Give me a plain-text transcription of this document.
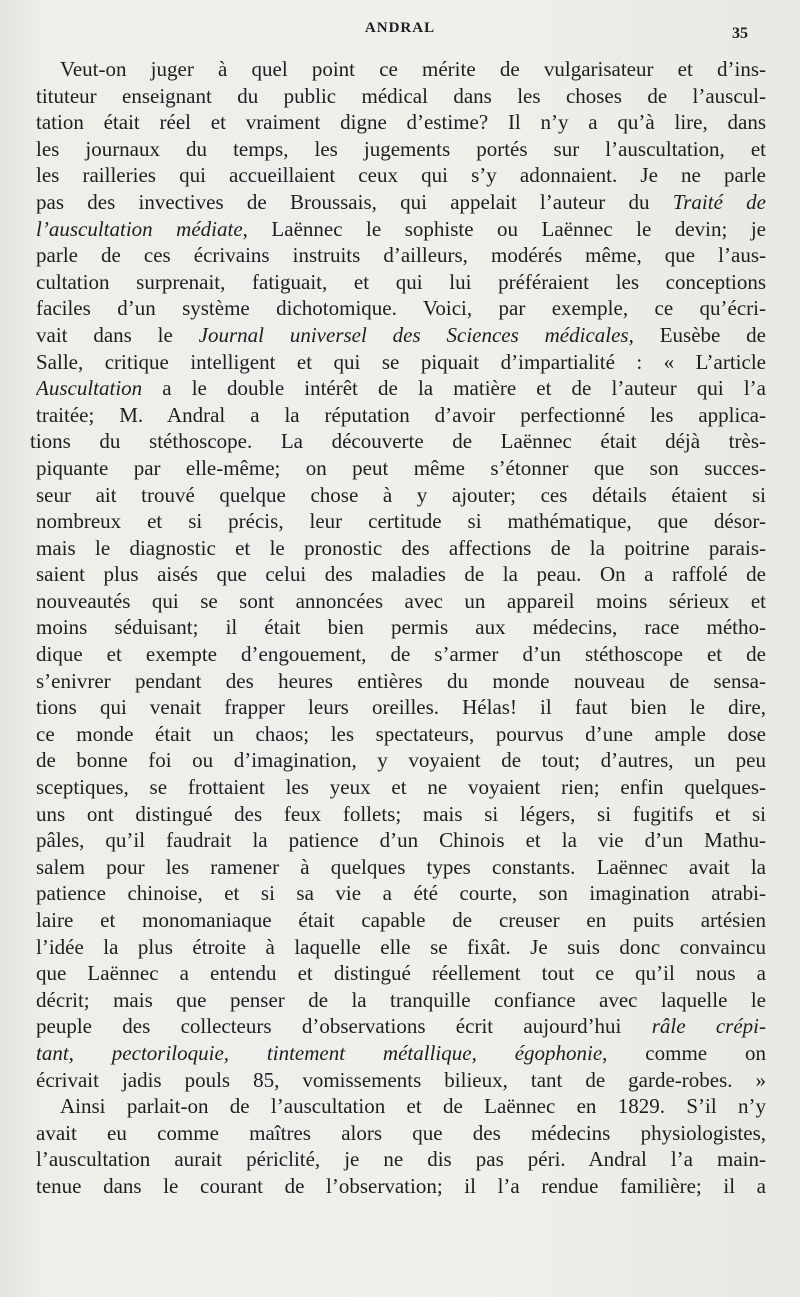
ANDRAL	35
Veut-on juger à quel point ce mérite de vulgarisateur et d’ins-
tituteur enseignant du public médical dans les choses de l’auscul-
tation était réel et vraiment digne d’estime? Il n’y a qu’à lire, dans
les journaux du temps, les jugements portés sur l’auscultation, et
les railleries qui accueillaient ceux qui s’y adonnaient. Je ne parle
pas des invectives de Broussais, qui appelait l’auteur du Traité de
l’auscultation médiate, Laënnec le sophiste ou Laënnec le devin; je
parle de ces écrivains instruits d’ailleurs, modérés même, que l’aus-
cultation surprenait, fatiguait, et qui lui préféraient les conceptions
faciles d’un système dichotomique. Voici, par exemple, ce qu’écri-
vait dans le Journal universel des Sciences médicales, Eusèbe de
Salle, critique intelligent et qui se piquait d’impartialité : « L’article
Auscultation a le double intérêt de la matière et de l’auteur qui l’a
traitée; M. Andral a la réputation d’avoir perfectionné les applica-
tions du stéthoscope. La découverte de Laënnec était déjà très-
piquante par elle-même; on peut même s’étonner que son succes-
seur ait trouvé quelque chose à y ajouter; ces détails étaient si
nombreux et si précis, leur certitude si mathématique, que désor-
mais le diagnostic et le pronostic des affections de la poitrine parais-
saient plus aisés que celui des maladies de la peau. On a raffolé de
nouveautés qui se sont annoncées avec un appareil moins sérieux et
moins séduisant; il était bien permis aux médecins, race métho-
dique et exempte d’engouement, de s’armer d’un stéthoscope et de
s’enivrer pendant des heures entières du monde nouveau de sensa-
tions qui venait frapper leurs oreilles. Hélas! il faut bien le dire,
ce monde était un chaos; les spectateurs, pourvus d’une ample dose
de bonne foi ou d’imagination, y voyaient de tout; d’autres, un peu
sceptiques, se frottaient les yeux et ne voyaient rien; enfin quelques-
uns ont distingué des feux follets; mais si légers, si fugitifs et si
pâles, qu’il faudrait la patience d’un Chinois et la vie d’un Mathu-
salem pour les ramener à quelques types constants. Laënnec avait la
patience chinoise, et si sa vie a été courte, son imagination atrabi-
laire et monomaniaque était capable de creuser en puits artésien
l’idée la plus étroite à laquelle elle se fixât. Je suis donc convaincu
que Laënnec a entendu et distingué réellement tout ce qu’il nous a
décrit; mais que penser de la tranquille confiance avec laquelle le
peuple des collecteurs d’observations écrit aujourd’hui râle crépi-
tant, pectoriloquie, tintement métallique, égophonie, comme on
écrivait jadis pouls 85, vomissements bilieux, tant de garde-robes. »
Ainsi parlait-on de l’auscultation et de Laënnec en 1829. S’il n’y
avait eu comme maîtres alors que des médecins physiologistes,
l’auscultation aurait périclité, je ne dis pas péri. Andral l’a main-
tenue dans le courant de l’observation; il l’a rendue familière; il a
